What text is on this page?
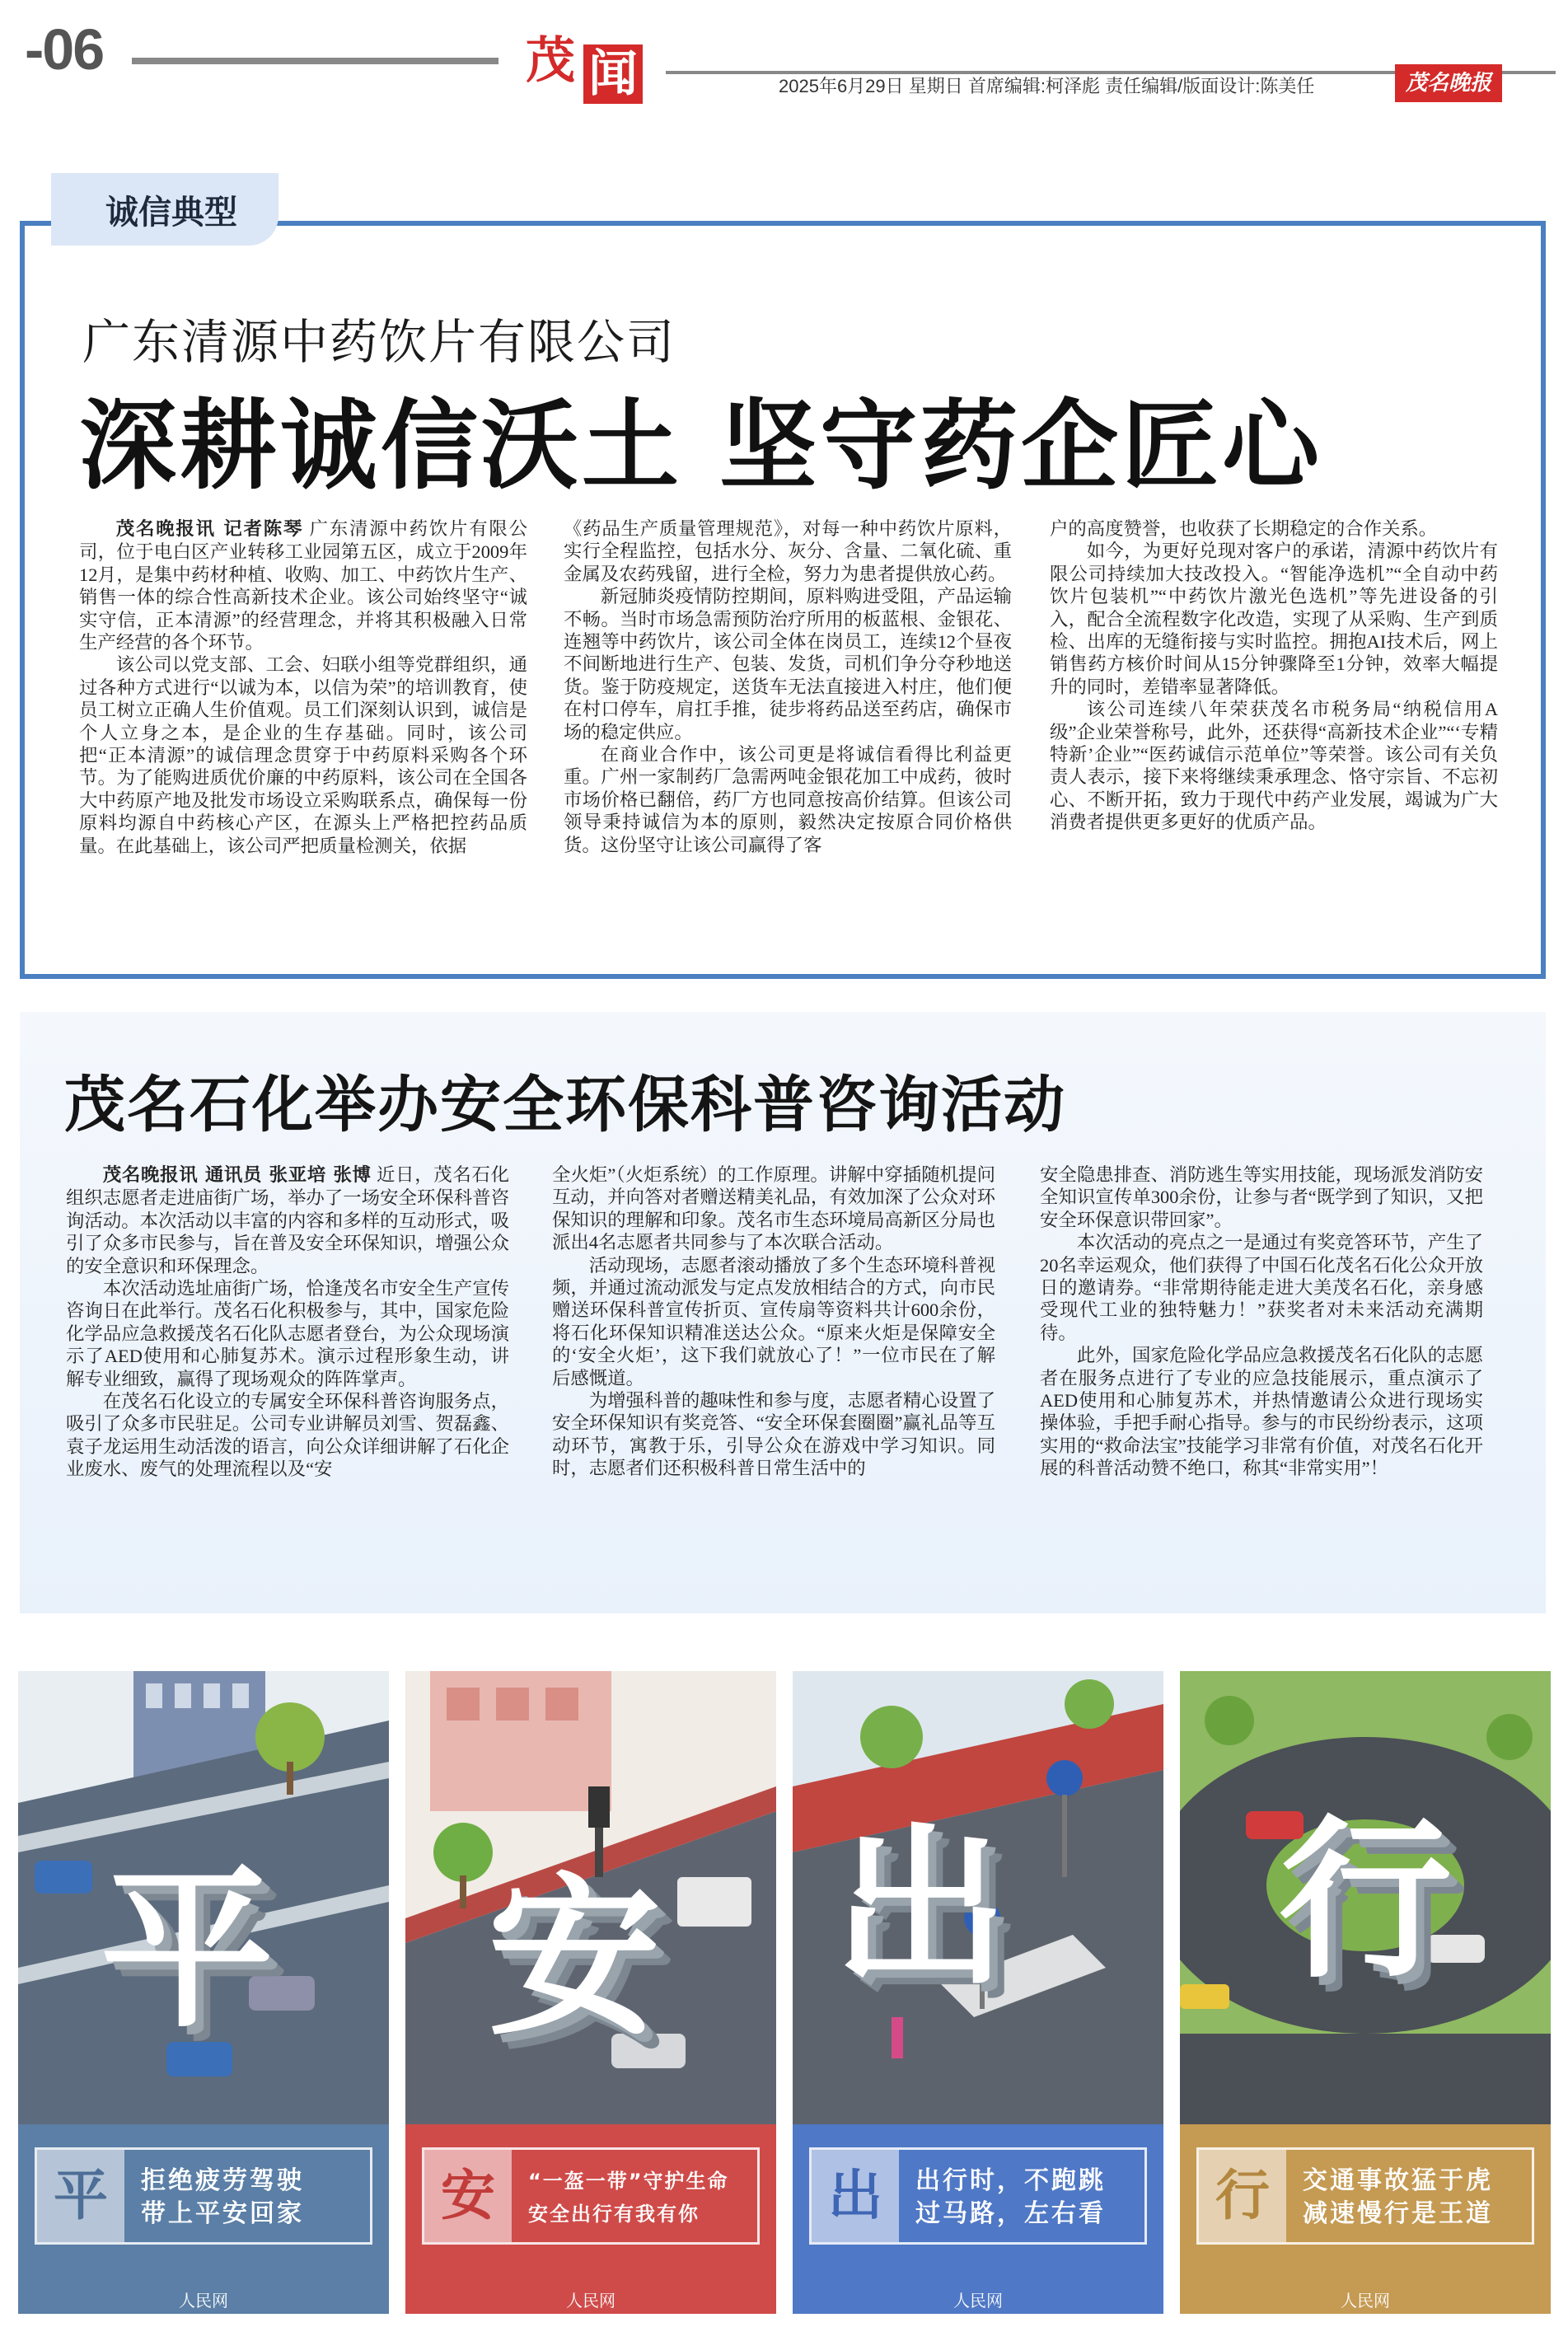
-06	茂 闻	2025年6月29日 星期日 首席编辑:柯泽彪 责任编辑/版面设计:陈美任	茂名晚报
诚信典型
广东清源中药饮片有限公司
深耕诚信沃土 坚守药企匠心

茂名晚报讯 记者陈琴 广东清源中药饮片有限公司，位于电白区产业转移工业园第五区，成立于2009年12月，是集中药材种植、收购、加工、中药饮片生产、销售一体的综合性高新技术企业。该公司始终坚守“诚实守信，正本清源”的经营理念，并将其积极融入日常生产经营的各个环节。

该公司以党支部、工会、妇联小组等党群组织，通过各种方式进行“以诚为本，以信为荣”的培训教育，使员工树立正确人生价值观。员工们深刻认识到，诚信是个人立身之本，是企业的生存基础。同时，该公司把“正本清源”的诚信理念贯穿于中药原料采购各个环节。为了能购进质优价廉的中药原料，该公司在全国各大中药原产地及批发市场设立采购联系点，确保每一份原料均源自中药核心产区，在源头上严格把控药品质量。在此基础上，该公司严把质量检测关，依据

《药品生产质量管理规范》，对每一种中药饮片原料，实行全程监控，包括水分、灰分、含量、二氧化硫、重金属及农药残留，进行全检，努力为患者提供放心药。

新冠肺炎疫情防控期间，原料购进受阻，产品运输不畅。当时市场急需预防治疗所用的板蓝根、金银花、连翘等中药饮片，该公司全体在岗员工，连续12个昼夜不间断地进行生产、包装、发货，司机们争分夺秒地送货。鉴于防疫规定，送货车无法直接进入村庄，他们便在村口停车，肩扛手推，徒步将药品送至药店，确保市场的稳定供应。

在商业合作中，该公司更是将诚信看得比利益更重。广州一家制药厂急需两吨金银花加工中成药，彼时市场价格已翻倍，药厂方也同意按高价结算。但该公司领导秉持诚信为本的原则，毅然决定按原合同价格供货。这份坚守让该公司赢得了客

户的高度赞誉，也收获了长期稳定的合作关系。

如今，为更好兑现对客户的承诺，清源中药饮片有限公司持续加大技改投入。“智能净选机”“全自动中药饮片包装机”“中药饮片激光色选机”等先进设备的引入，配合全流程数字化改造，实现了从采购、生产到质检、出库的无缝衔接与实时监控。拥抱AI技术后，网上销售药方核价时间从15分钟骤降至1分钟，效率大幅提升的同时，差错率显著降低。

该公司连续八年荣获茂名市税务局“纳税信用A级”企业荣誉称号，此外，还获得“高新技术企业”“‘专精特新’企业”“医药诚信示范单位”等荣誉。该公司有关负责人表示，接下来将继续秉承理念、恪守宗旨、不忘初心、不断开拓，致力于现代中药产业发展，竭诚为广大消费者提供更多更好的优质产品。

茂名石化举办安全环保科普咨询活动

茂名晚报讯 通讯员 张亚培 张博 近日，茂名石化组织志愿者走进庙街广场，举办了一场安全环保科普咨询活动。本次活动以丰富的内容和多样的互动形式，吸引了众多市民参与，旨在普及安全环保知识，增强公众的安全意识和环保理念。

本次活动选址庙街广场，恰逢茂名市安全生产宣传咨询日在此举行。茂名石化积极参与，其中，国家危险化学品应急救援茂名石化队志愿者登台，为公众现场演示了AED使用和心肺复苏术。演示过程形象生动，讲解专业细致，赢得了现场观众的阵阵掌声。

在茂名石化设立的专属安全环保科普咨询服务点，吸引了众多市民驻足。公司专业讲解员刘雪、贺磊鑫、袁子龙运用生动活泼的语言，向公众详细讲解了石化企业废水、废气的处理流程以及“安

全火炬”（火炬系统）的工作原理。讲解中穿插随机提问互动，并向答对者赠送精美礼品，有效加深了公众对环保知识的理解和印象。茂名市生态环境局高新区分局也派出4名志愿者共同参与了本次联合活动。

活动现场，志愿者滚动播放了多个生态环境科普视频，并通过流动派发与定点发放相结合的方式，向市民赠送环保科普宣传折页、宣传扇等资料共计600余份，将石化环保知识精准送达公众。“原来火炬是保障安全的‘安全火炬’，这下我们就放心了！”一位市民在了解后感慨道。

为增强科普的趣味性和参与度，志愿者精心设置了安全环保知识有奖竞答、“安全环保套圈圈”赢礼品等互动环节，寓教于乐，引导公众在游戏中学习知识。同时，志愿者们还积极科普日常生活中的

安全隐患排查、消防逃生等实用技能，现场派发消防安全知识宣传单300余份，让参与者“既学到了知识，又把安全环保意识带回家”。

本次活动的亮点之一是通过有奖竞答环节，产生了20名幸运观众，他们获得了中国石化茂名石化公众开放日的邀请券。“非常期待能走进大美茂名石化，亲身感受现代工业的独特魅力！”获奖者对未来活动充满期待。

此外，国家危险化学品应急救援茂名石化队的志愿者在服务点进行了专业的应急技能展示，重点演示了AED使用和心肺复苏术，并热情邀请公众进行现场实操体验，手把手耐心指导。参与的市民纷纷表示，这项实用的“救命法宝”技能学习非常有价值，对茂名石化开展的科普活动赞不绝口，称其“非常实用”！

平
平	拒绝疲劳驾驶
带上平安回家
人民网
安
安	“一盔一带”守护生命
安全出行有我有你
人民网
出
出	出行时，不跑跳
过马路，左右看
人民网
行
行	交通事故猛于虎
减速慢行是王道
人民网
